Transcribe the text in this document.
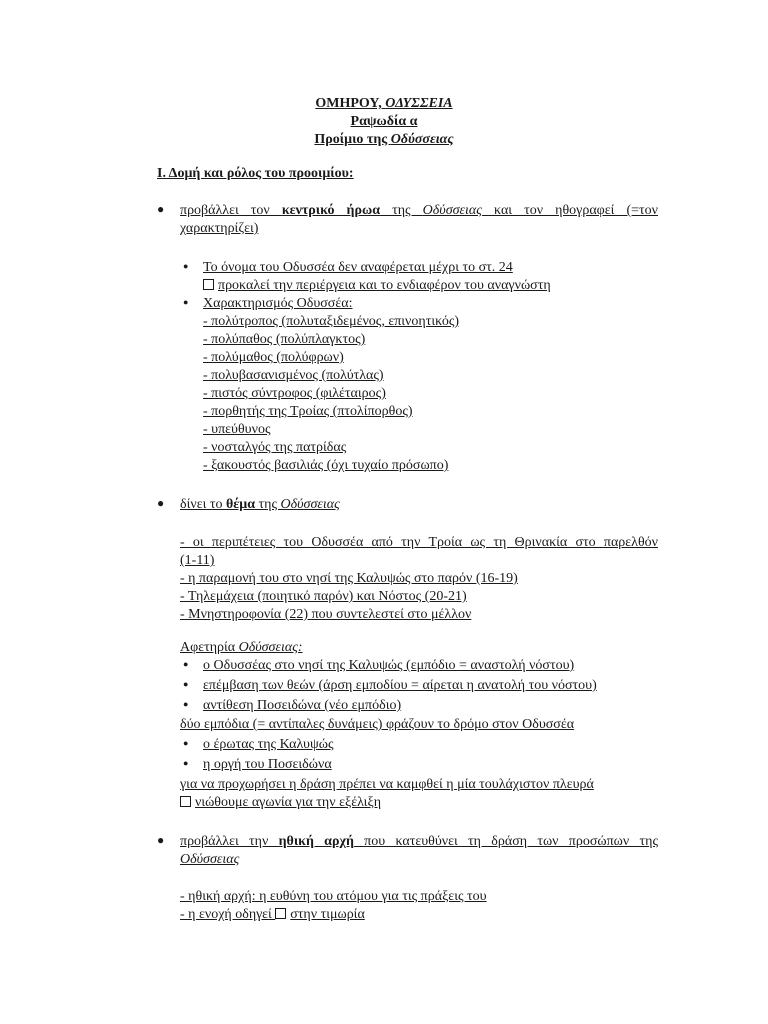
ΟΜΗΡΟΥ, ΟΔΥΣΣΕΙΑ
Ραψωδία α
Προίμιο της Οδύσσειας
Ι. Δομή και ρόλος του προοιμίου:
● προβάλλει τον κεντρικό ήρωα της Οδύσσειας και τον ηθογραφεί (=τον
χαρακτηρίζει)
● Το όνομα του Οδυσσέα δεν αναφέρεται μέχρι το στ. 24
προκαλεί την περιέργεια και το ενδιαφέρον του αναγνώστη
● Χαρακτηρισμός Οδυσσέα:
- πολύτροπος (πολυταξιδεμένος, επινοητικός)
- πολύπαθος (πολύπλαγκτος)
- πολύμαθος (πολύφρων)
- πολυβασανισμένος (πολύτλας)
- πιστός σύντροφος (φιλέταιρος)
- πορθητής της Τροίας (πτολίπορθος)
- υπεύθυνος
- νοσταλγός της πατρίδας
- ξακουστός βασιλιάς (όχι τυχαίο πρόσωπο)
● δίνει το θέμα της Οδύσσειας
- οι περιπέτειες του Οδυσσέα από την Τροία ως τη Θρινακία στο παρελθόν
(1-11)
- η παραμονή του στο νησί της Καλυψώς στο παρόν (16-19)
- Τηλεμάχεια (ποιητικό παρόν) και Νόστος (20-21)
- Μνηστηροφονία (22) που συντελεστεί στο μέλλον
Αφετηρία Οδύσσειας:
● ο Οδυσσέας στο νησί της Καλυψώς (εμπόδιο = αναστολή νόστου)
● επέμβαση των θεών (άρση εμποδίου = αίρεται η ανατολή του νόστου)
● αντίθεση Ποσειδώνα (νέο εμπόδιο)
δύο εμπόδια (= αντίπαλες δυνάμεις) φράζουν το δρόμο στον Οδυσσέα
● ο έρωτας της Καλυψώς
● η οργή του Ποσειδώνα
για να προχωρήσει η δράση πρέπει να καμφθεί η μία τουλάχιστον πλευρά
νιώθουμε αγωνία για την εξέλιξη
● προβάλλει την ηθική αρχή που κατευθύνει τη δράση των προσώπων της
Οδύσσειας
- ηθική αρχή: η ευθύνη του ατόμου για τις πράξεις του
- η ενοχή οδηγεί στην τιμωρία
